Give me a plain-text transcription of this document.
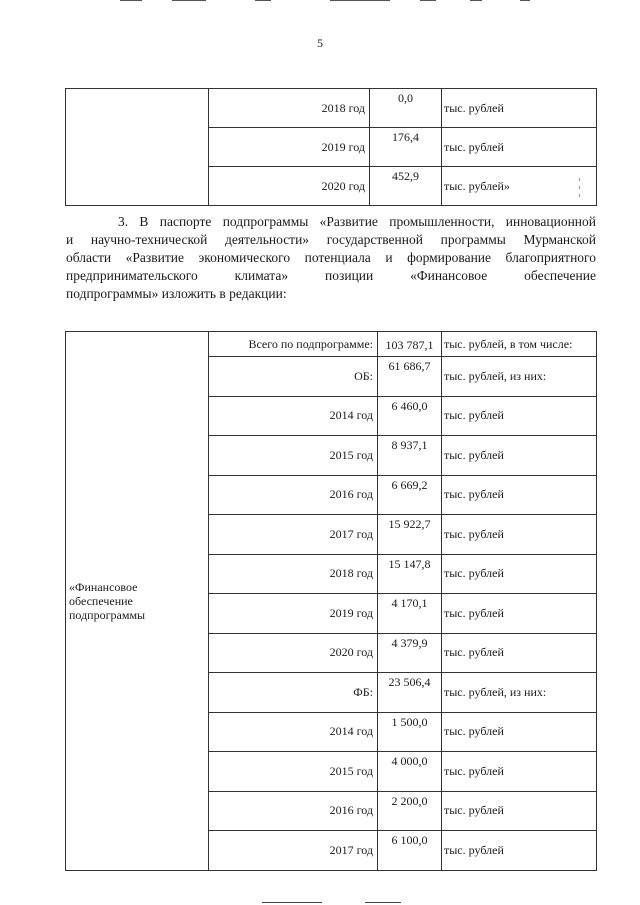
5
	2018 год	0,0	тыс. рублей
	2019 год	176,4	тыс. рублей
	2020 год	452,9	тыс. рублей»
3. В паспорте подпрограммы «Развитие промышленности, инновационной
и научно-технической деятельности» государственной программы Мурманской
области «Развитие экономического потенциала и формирование благоприятного
предпринимательского климата» позиции «Финансовое обеспечение
подпрограммы» изложить в редакции:
«Финансовое
обеспечение
подпрограммы	Всего по подпрограмме:	103 787,1	тыс. рублей, в том числе:
	ОБ:	61 686,7	тыс. рублей, из них:
	2014 год	6 460,0	тыс. рублей
	2015 год	8 937,1	тыс. рублей
	2016 год	6 669,2	тыс. рублей
	2017 год	15 922,7	тыс. рублей
	2018 год	15 147,8	тыс. рублей
	2019 год	4 170,1	тыс. рублей
	2020 год	4 379,9	тыс. рублей
	ФБ:	23 506,4	тыс. рублей, из них:
	2014 год	1 500,0	тыс. рублей
	2015 год	4 000,0	тыс. рублей
	2016 год	2 200,0	тыс. рублей
	2017 год	6 100,0	тыс. рублей
